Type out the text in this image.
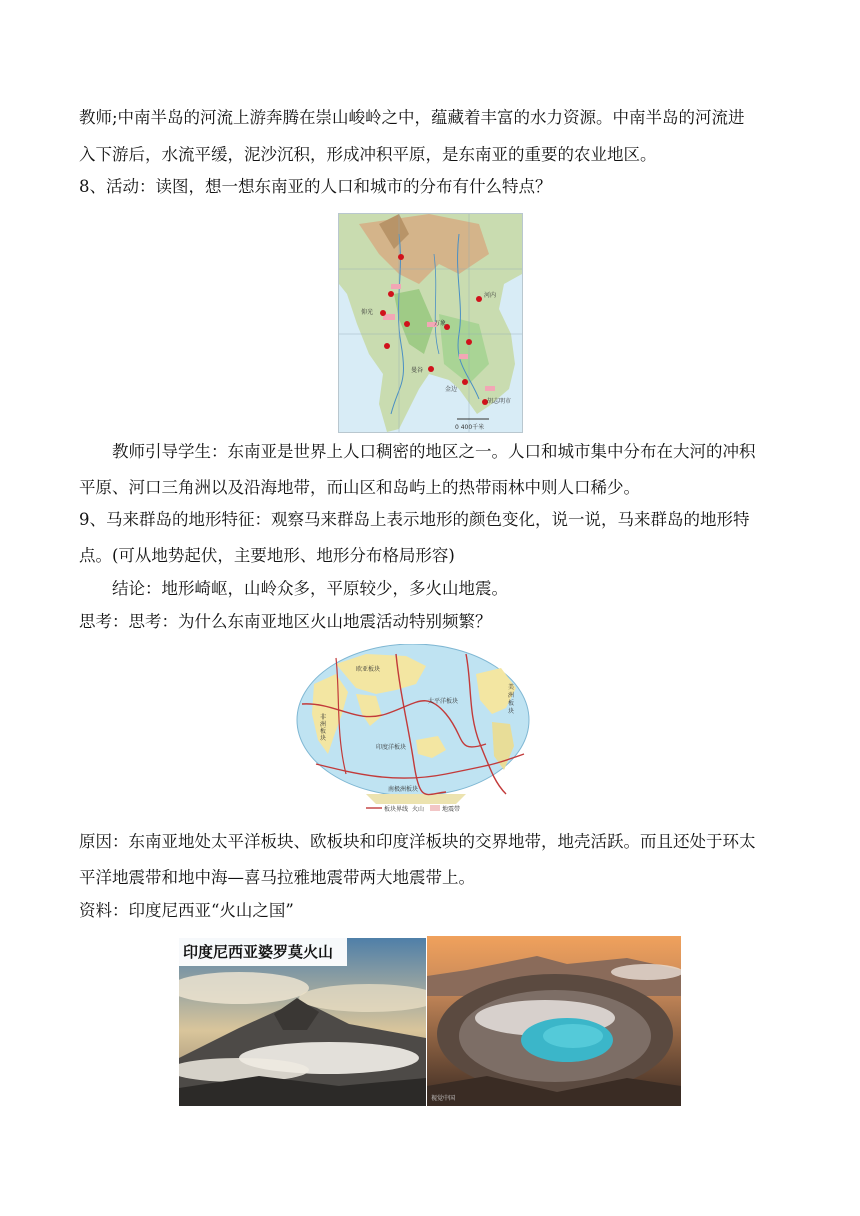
教师;中南半岛的河流上游奔腾在崇山峻岭之中，蕴藏着丰富的水力资源。中南半岛的河流进
入下游后，水流平缓，泥沙沉积，形成冲积平原，是东南亚的重要的农业地区。
8、活动：读图，想一想东南亚的人口和城市的分布有什么特点？
仰光
曼谷
万象
河内
金边
胡志明市
0 400千米
教师引导学生：东南亚是世界上人口稠密的地区之一。人口和城市集中分布在大河的冲积
平原、河口三角洲以及沿海地带，而山区和岛屿上的热带雨林中则人口稀少。
9、马来群岛的地形特征：观察马来群岛上表示地形的颜色变化，说一说，马来群岛的地形特
点。(可从地势起伏，主要地形、地形分布格局形容)
结论：地形崎岖，山岭众多，平原较少，多火山地震。
思考：思考：为什么东南亚地区火山地震活动特别频繁？
欧亚板块
太平洋板块
印度洋板块
非洲板块
美洲板块
南极洲板块
板块界线 火山	地震带
原因：东南亚地处太平洋板块、欧板块和印度洋板块的交界地带，地壳活跃。而且还处于环太
平洋地震带和地中海—喜马拉雅地震带两大地震带上。
资料：印度尼西亚“火山之国”
印度尼西亚婆罗莫火山
视觉中国
